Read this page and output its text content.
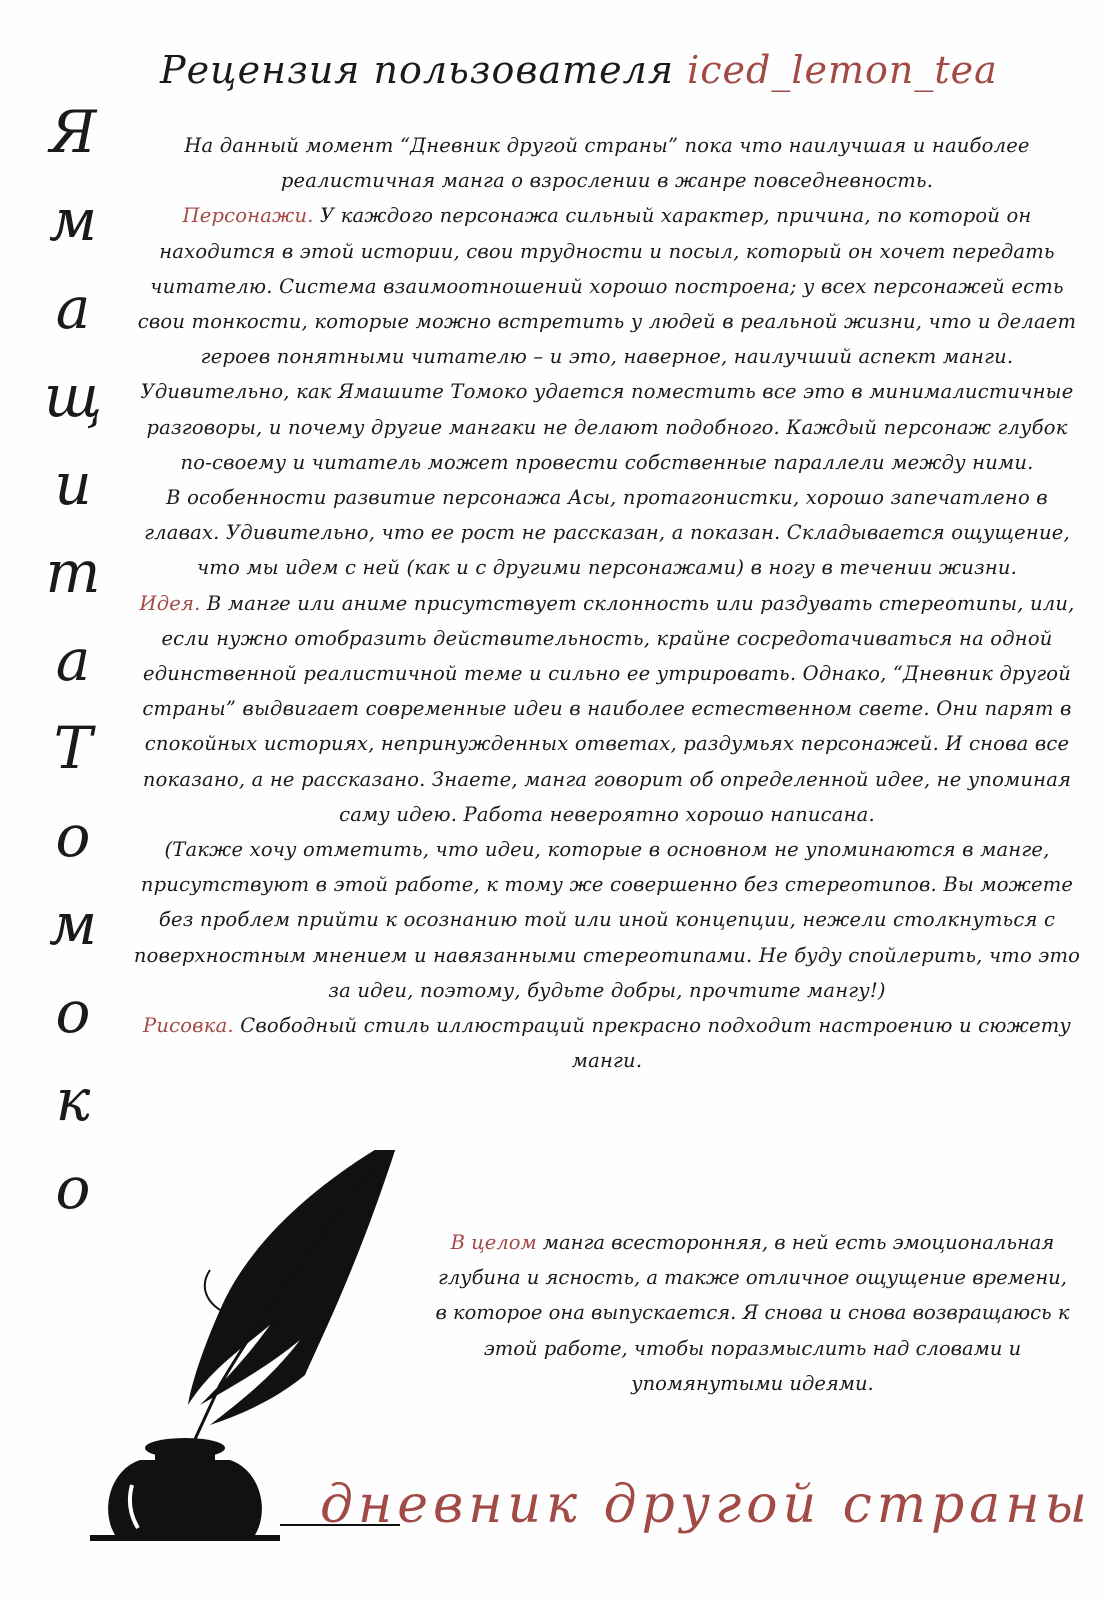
Рецензия пользователя iced_lemon_tea
Я
м
а
щ
и
т
а
Т
о
м
о
к
о

На данный момент “Дневник другой страны” пока что наилучшая и наиболее реалистичная манга о взрослении в жанре повседневность.

Персонажи. У каждого персонажа сильный характер, причина, по которой он находится в этой истории, свои трудности и посыл, который он хочет передать читателю. Система взаимоотношений хорошо построена; у всех персонажей есть свои тонкости, которые можно встретить у людей в реальной жизни, что и делает героев понятными читателю – и это, наверное, наилучший аспект манги. Удивительно, как Ямашите Томоко удается поместить все это в минималистичные разговоры, и почему другие мангаки не делают подобного. Каждый персонаж глубок по-своему и читатель может провести собственные параллели между ними.

В особенности развитие персонажа Асы, протагонистки, хорошо запечатлено в главах. Удивительно, что ее рост не рассказан, а показан. Складывается ощущение, что мы идем с ней (как и с другими персонажами) в ногу в течении жизни.

Идея. В манге или аниме присутствует склонность или раздувать стереотипы, или, если нужно отобразить действительность, крайне сосредотачиваться на одной единственной реалистичной теме и сильно ее утрировать. Однако, “Дневник другой страны” выдвигает современные идеи в наиболее естественном свете. Они парят в спокойных историях, непринужденных ответах, раздумьях персонажей. И снова все показано, а не рассказано. Знаете, манга говорит об определенной идее, не упоминая саму идею. Работа невероятно хорошо написана.

(Также хочу отметить, что идеи, которые в основном не упоминаются в манге, присутствуют в этой работе, к тому же совершенно без стереотипов. Вы можете без проблем прийти к осознанию той или иной концепции, нежели столкнуться с поверхностным мнением и навязанными стереотипами. Не буду спойлерить, что это за идеи, поэтому, будьте добры, прочтите мангу!)

Рисовка. Свободный стиль иллюстраций прекрасно подходит настроению и сюжету манги.

В целом манга всесторонняя, в ней есть эмоциональная глубина и ясность, а также отличное ощущение времени, в которое она выпускается. Я снова и снова возвращаюсь к этой работе, чтобы поразмыслить над словами и упомянутыми идеями.

дневник другой страны
